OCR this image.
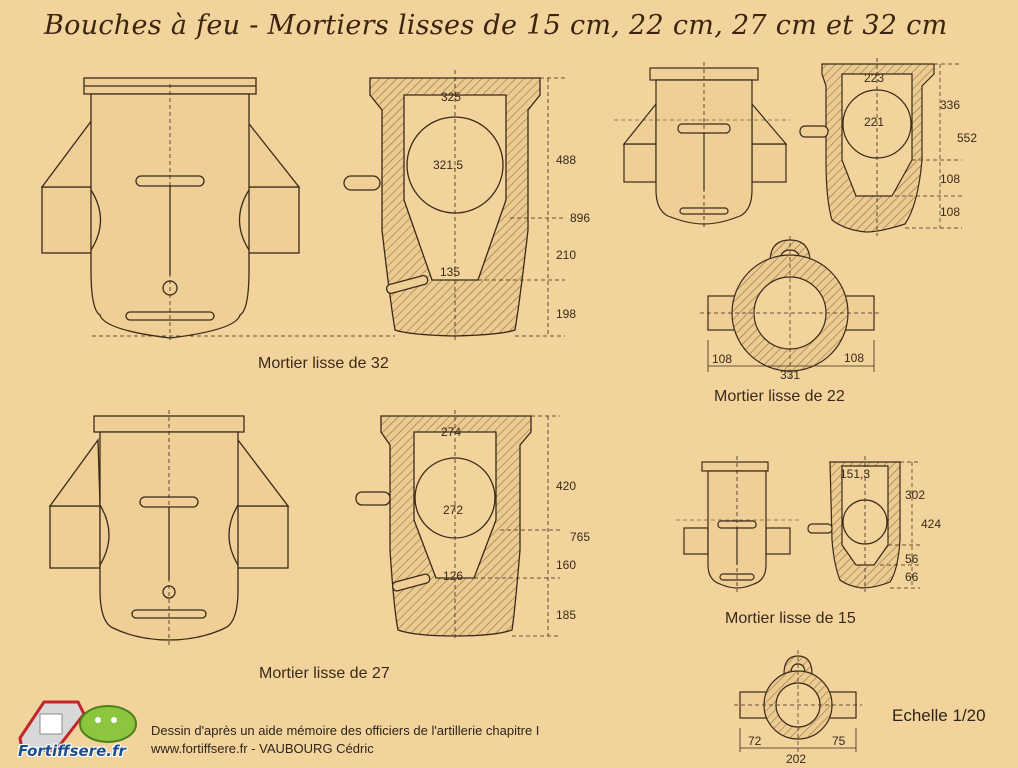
Bouches à feu - Mortiers lisses de 15 cm, 22 cm, 27 cm et 32 cm
325
321,5
135
488
896
210
198
274
272
126
420
765
160
185
223
221
336
552
108
108
108	108
331
151,3
302
424
56
66
72	75
202
Mortier lisse de 32
Mortier lisse de 27
Mortier lisse de 22
Mortier lisse de 15
Fortiffsere.fr
Dessin d'après un aide mémoire des officiers de l'artillerie chapitre I
www.fortiffsere.fr - VAUBOURG Cédric
Echelle 1/20
